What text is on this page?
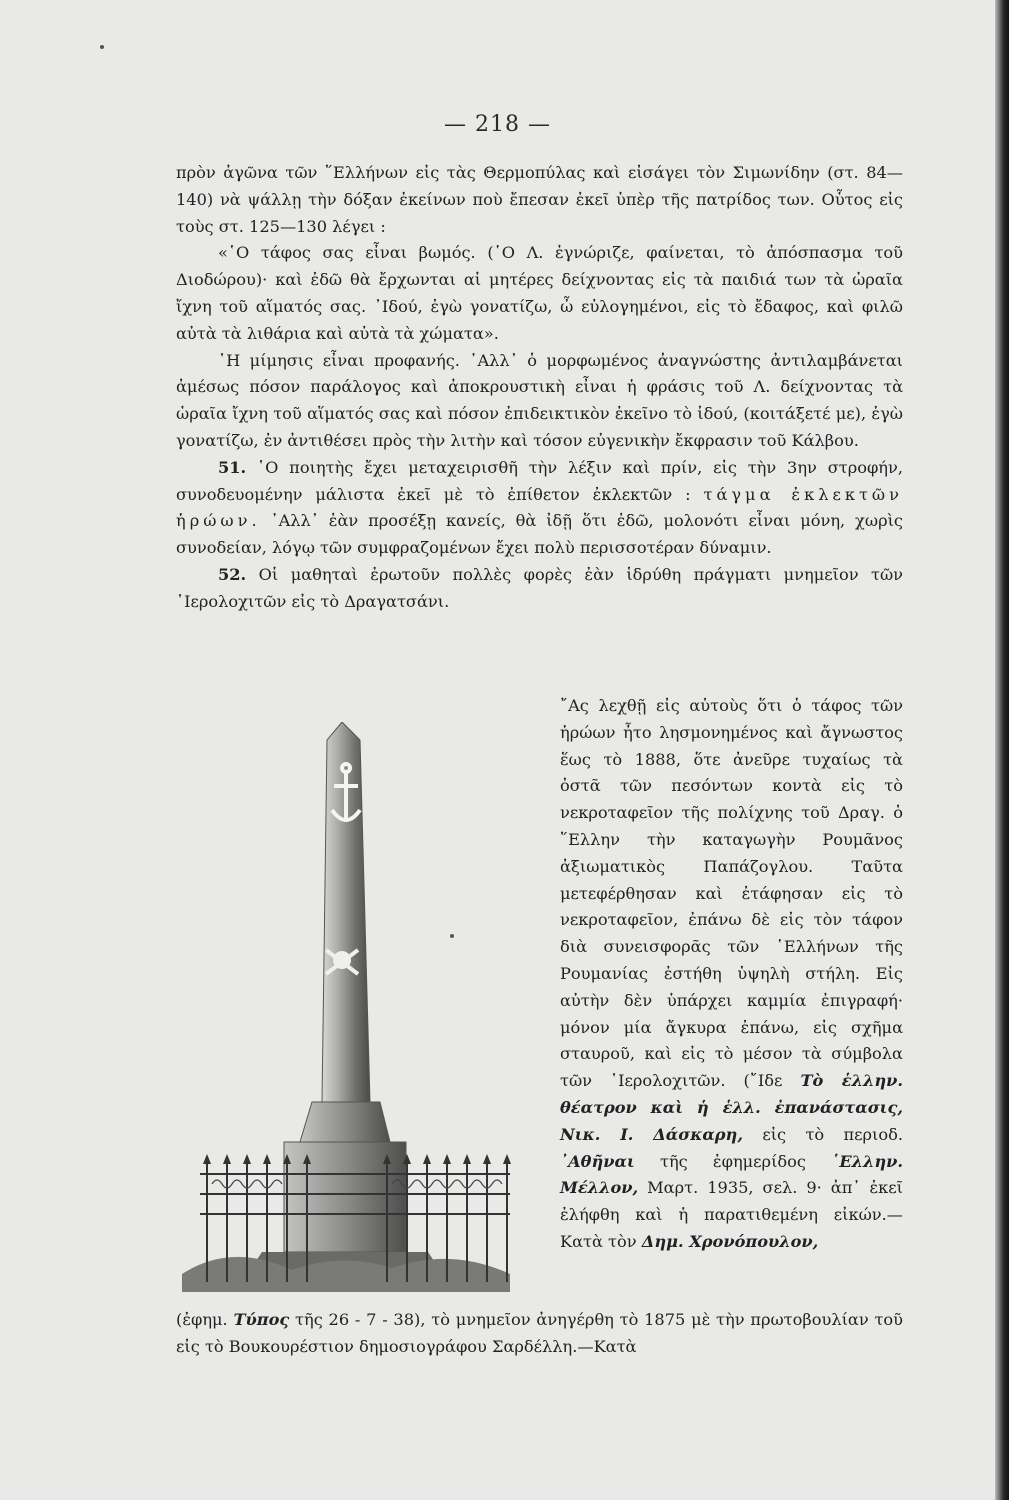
— 218 —

πρὸν ἀγῶνα τῶν ῞Ελλήνων εἰς τὰς Θερμοπύλας καὶ εἰσάγει τὸν Σιμωνίδην (στ. 84—140) νὰ ψάλλῃ τὴν δόξαν ἐκείνων ποὺ ἔπεσαν ἐκεῖ ὑπὲρ τῆς πατρίδος των. Οὗτος εἰς τοὺς στ. 125—130 λέγει :

«῾Ο τάφος σας εἶναι βωμός. (῾Ο Λ. ἐγνώριζε, φαίνεται, τὸ ἀπόσπασμα τοῦ Διοδώρου)· καὶ ἐδῶ θὰ ἔρχωνται αἱ μητέρες δείχνοντας εἰς τὰ παιδιά των τὰ ὡραῖα ἴχνη τοῦ αἵματός σας. ᾿Ιδού, ἐγὼ γονατίζω, ὦ εὐλογημένοι, εἰς τὸ ἔδαφος, καὶ φιλῶ αὐτὰ τὰ λιθάρια καὶ αὐτὰ τὰ χώματα».

῾Η μίμησις εἶναι προφανής. ᾿Αλλ᾿ ὁ μορφωμένος ἀναγνώστης ἀντιλαμβάνεται ἀμέσως πόσον παράλογος καὶ ἀποκρουστικὴ εἶναι ἡ φράσις τοῦ Λ. δείχνοντας τὰ ὡραῖα ἴχνη τοῦ αἵματός σας καὶ πόσον ἐπιδεικτικὸν ἐκεῖνο τὸ ἰδού, (κοιτάξετέ με), ἐγὼ γονατίζω, ἐν ἀντιθέσει πρὸς τὴν λιτὴν καὶ τόσον εὐγενικὴν ἔκφρασιν τοῦ Κάλβου.

51. ῾Ο ποιητὴς ἔχει μεταχειρισθῆ τὴν λέξιν καὶ πρίν, εἰς τὴν 3ην στροφήν, συνοδευομένην μάλιστα ἐκεῖ μὲ τὸ ἐπίθετον ἐκλεκτῶν : τάγμα ἐκλεκτῶν ἡρώων. ᾿Αλλ᾿ ἐὰν προσέξῃ κανείς, θὰ ἰδῇ ὅτι ἐδῶ, μολονότι εἶναι μόνη, χωρὶς συνοδείαν, λόγῳ τῶν συμφραζομένων ἔχει πολὺ περισσοτέραν δύναμιν.

52. Οἱ μαθηταὶ ἐρωτοῦν πολλὲς φορὲς ἐὰν ἱδρύθη πράγματι μνημεῖον τῶν ῾Ιερολοχιτῶν εἰς τὸ Δραγατσάνι.

῎Ας λεχθῇ εἰς αὐτοὺς ὅτι ὁ τάφος τῶν ἡρώων ἦτο λησμονημένος καὶ ἄγνωστος ἕως τὸ 1888, ὅτε ἀνεῦρε τυχαίως τὰ ὀστᾶ τῶν πεσόντων κοντὰ εἰς τὸ νεκροταφεῖον τῆς πολίχνης τοῦ Δραγ. ὁ ῞Ελλην τὴν καταγωγὴν Ρουμᾶνος ἀξιωματικὸς Παπάζογλου. Ταῦτα μετεφέρθησαν καὶ ἐτάφησαν εἰς τὸ νεκροταφεῖον, ἐπάνω δὲ εἰς τὸν τάφον διὰ συνεισφορᾶς τῶν ῾Ελλήνων τῆς Ρουμανίας ἐστήθη ὑψηλὴ στήλη. Εἰς αὐτὴν δὲν ὑπάρχει καμμία ἐπιγραφή· μόνον μία ἄγκυρα ἐπάνω, εἰς σχῆμα σταυροῦ, καὶ εἰς τὸ μέσον τὰ σύμβολα τῶν ῾Ιερολοχιτῶν. (῎Ιδε Τὸ ἑλλην. θέατρον καὶ ἡ ἑλλ. ἐπανάστασις, Νικ. Ι. Δάσκαρη, εἰς τὸ περιοδ. ᾿Αθῆναι τῆς ἐφημερίδος ῾Ελλην. Μέλλον, Μαρτ. 1935, σελ. 9· ἀπ᾿ ἐκεῖ ἐλήφθη καὶ ἡ παρατιθεμένη εἰκών.—Κατὰ τὸν Δημ. Χρονόπουλον,
(ἐφημ. Τύπος τῆς 26 - 7 - 38), τὸ μνημεῖον ἀνηγέρθη τὸ 1875 μὲ τὴν πρωτοβουλίαν τοῦ εἰς τὸ Βουκουρέστιον δημοσιογράφου Σαρδέλλη.—Κατὰ
